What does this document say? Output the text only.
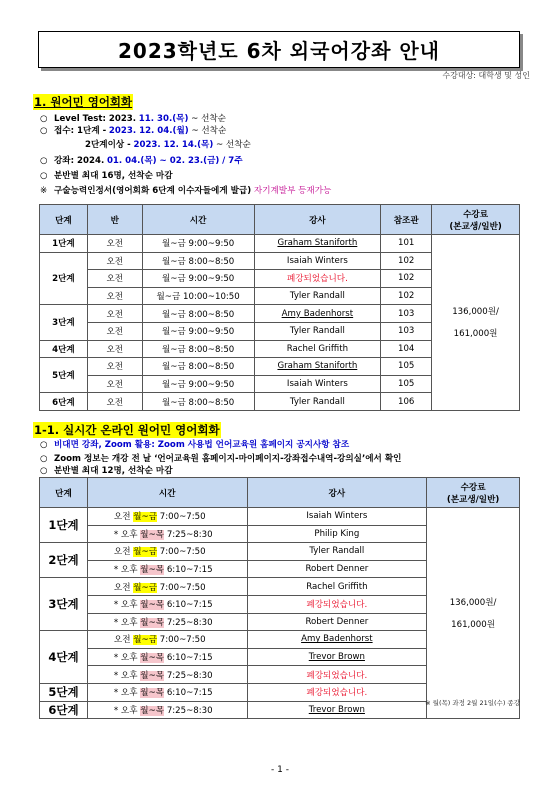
2023학년도 6차 외국어강좌 안내
수강대상: 대학생 및 성인
1. 원어민 영어회화
○ Level Test: 2023. 11. 30.(목) ~ 선착순
○ 접수: 1단계 - 2023. 12. 04.(월) ~ 선착순
2단계이상 - 2023. 12. 14.(목) ~ 선착순
○ 강좌: 2024. 01. 04.(목) ~ 02. 23.(금) / 7주
○ 분반별 최대 16명, 선착순 마감
※ 구술능력인정서(영어회화 6단계 이수자들에게 발급) 자기계발부 등재가능
단계	반	시간	강사	참조관	수강료
(본교생/일반)
1단계	오전	월~금 9:00~9:50	Graham Staniforth	101	136,000원/

161,000원
2단계	오전	월~금 8:00~8:50	Isaiah Winters	102	
	오전	월~금 9:00~9:50	폐강되었습니다.	102	
	오전	월~금 10:00~10:50	Tyler Randall	102	
3단계	오전	월~금 8:00~8:50	Amy Badenhorst	103	
	오전	월~금 9:00~9:50	Tyler Randall	103	
4단계	오전	월~금 8:00~8:50	Rachel Griffith	104	
5단계	오전	월~금 8:00~8:50	Graham Staniforth	105	
	오전	월~금 9:00~9:50	Isaiah Winters	105	
6단계	오전	월~금 8:00~8:50	Tyler Randall	106	
1-1. 실시간 온라인 원어민 영어회화
○ 비대면 강좌, Zoom 활용: Zoom 사용법 언어교육원 홈페이지 공지사항 참조
○ Zoom 정보는 개강 전 날 ‘언어교육원 홈페이지-마이페이지-강좌접수내역-강의실’에서 확인
○ 분반별 최대 12명, 선착순 마감
단계	시간	강사	수강료
(본교생/일반)
1단계	오전 월~금 7:00~7:50	Isaiah Winters	136,000원/

161,000원
	* 오후 월~목 7:25~8:30	Philip King	
2단계	오전 월~금 7:00~7:50	Tyler Randall	
	* 오후 월~목 6:10~7:15	Robert Denner	
3단계	오전 월~금 7:00~7:50	Rachel Griffith	
	* 오후 월~목 6:10~7:15	폐강되었습니다.	
	* 오후 월~목 7:25~8:30	Robert Denner	
4단계	오전 월~금 7:00~7:50	Amy Badenhorst	
	* 오후 월~목 6:10~7:15	Trevor Brown	
	* 오후 월~목 7:25~8:30	폐강되었습니다.	
5단계	* 오후 월~목 6:10~7:15	폐강되었습니다.	
6단계	* 오후 월~목 7:25~8:30	Trevor Brown	
※ 월(목) 과정 2월 21일(수) 종강
- 1 -
